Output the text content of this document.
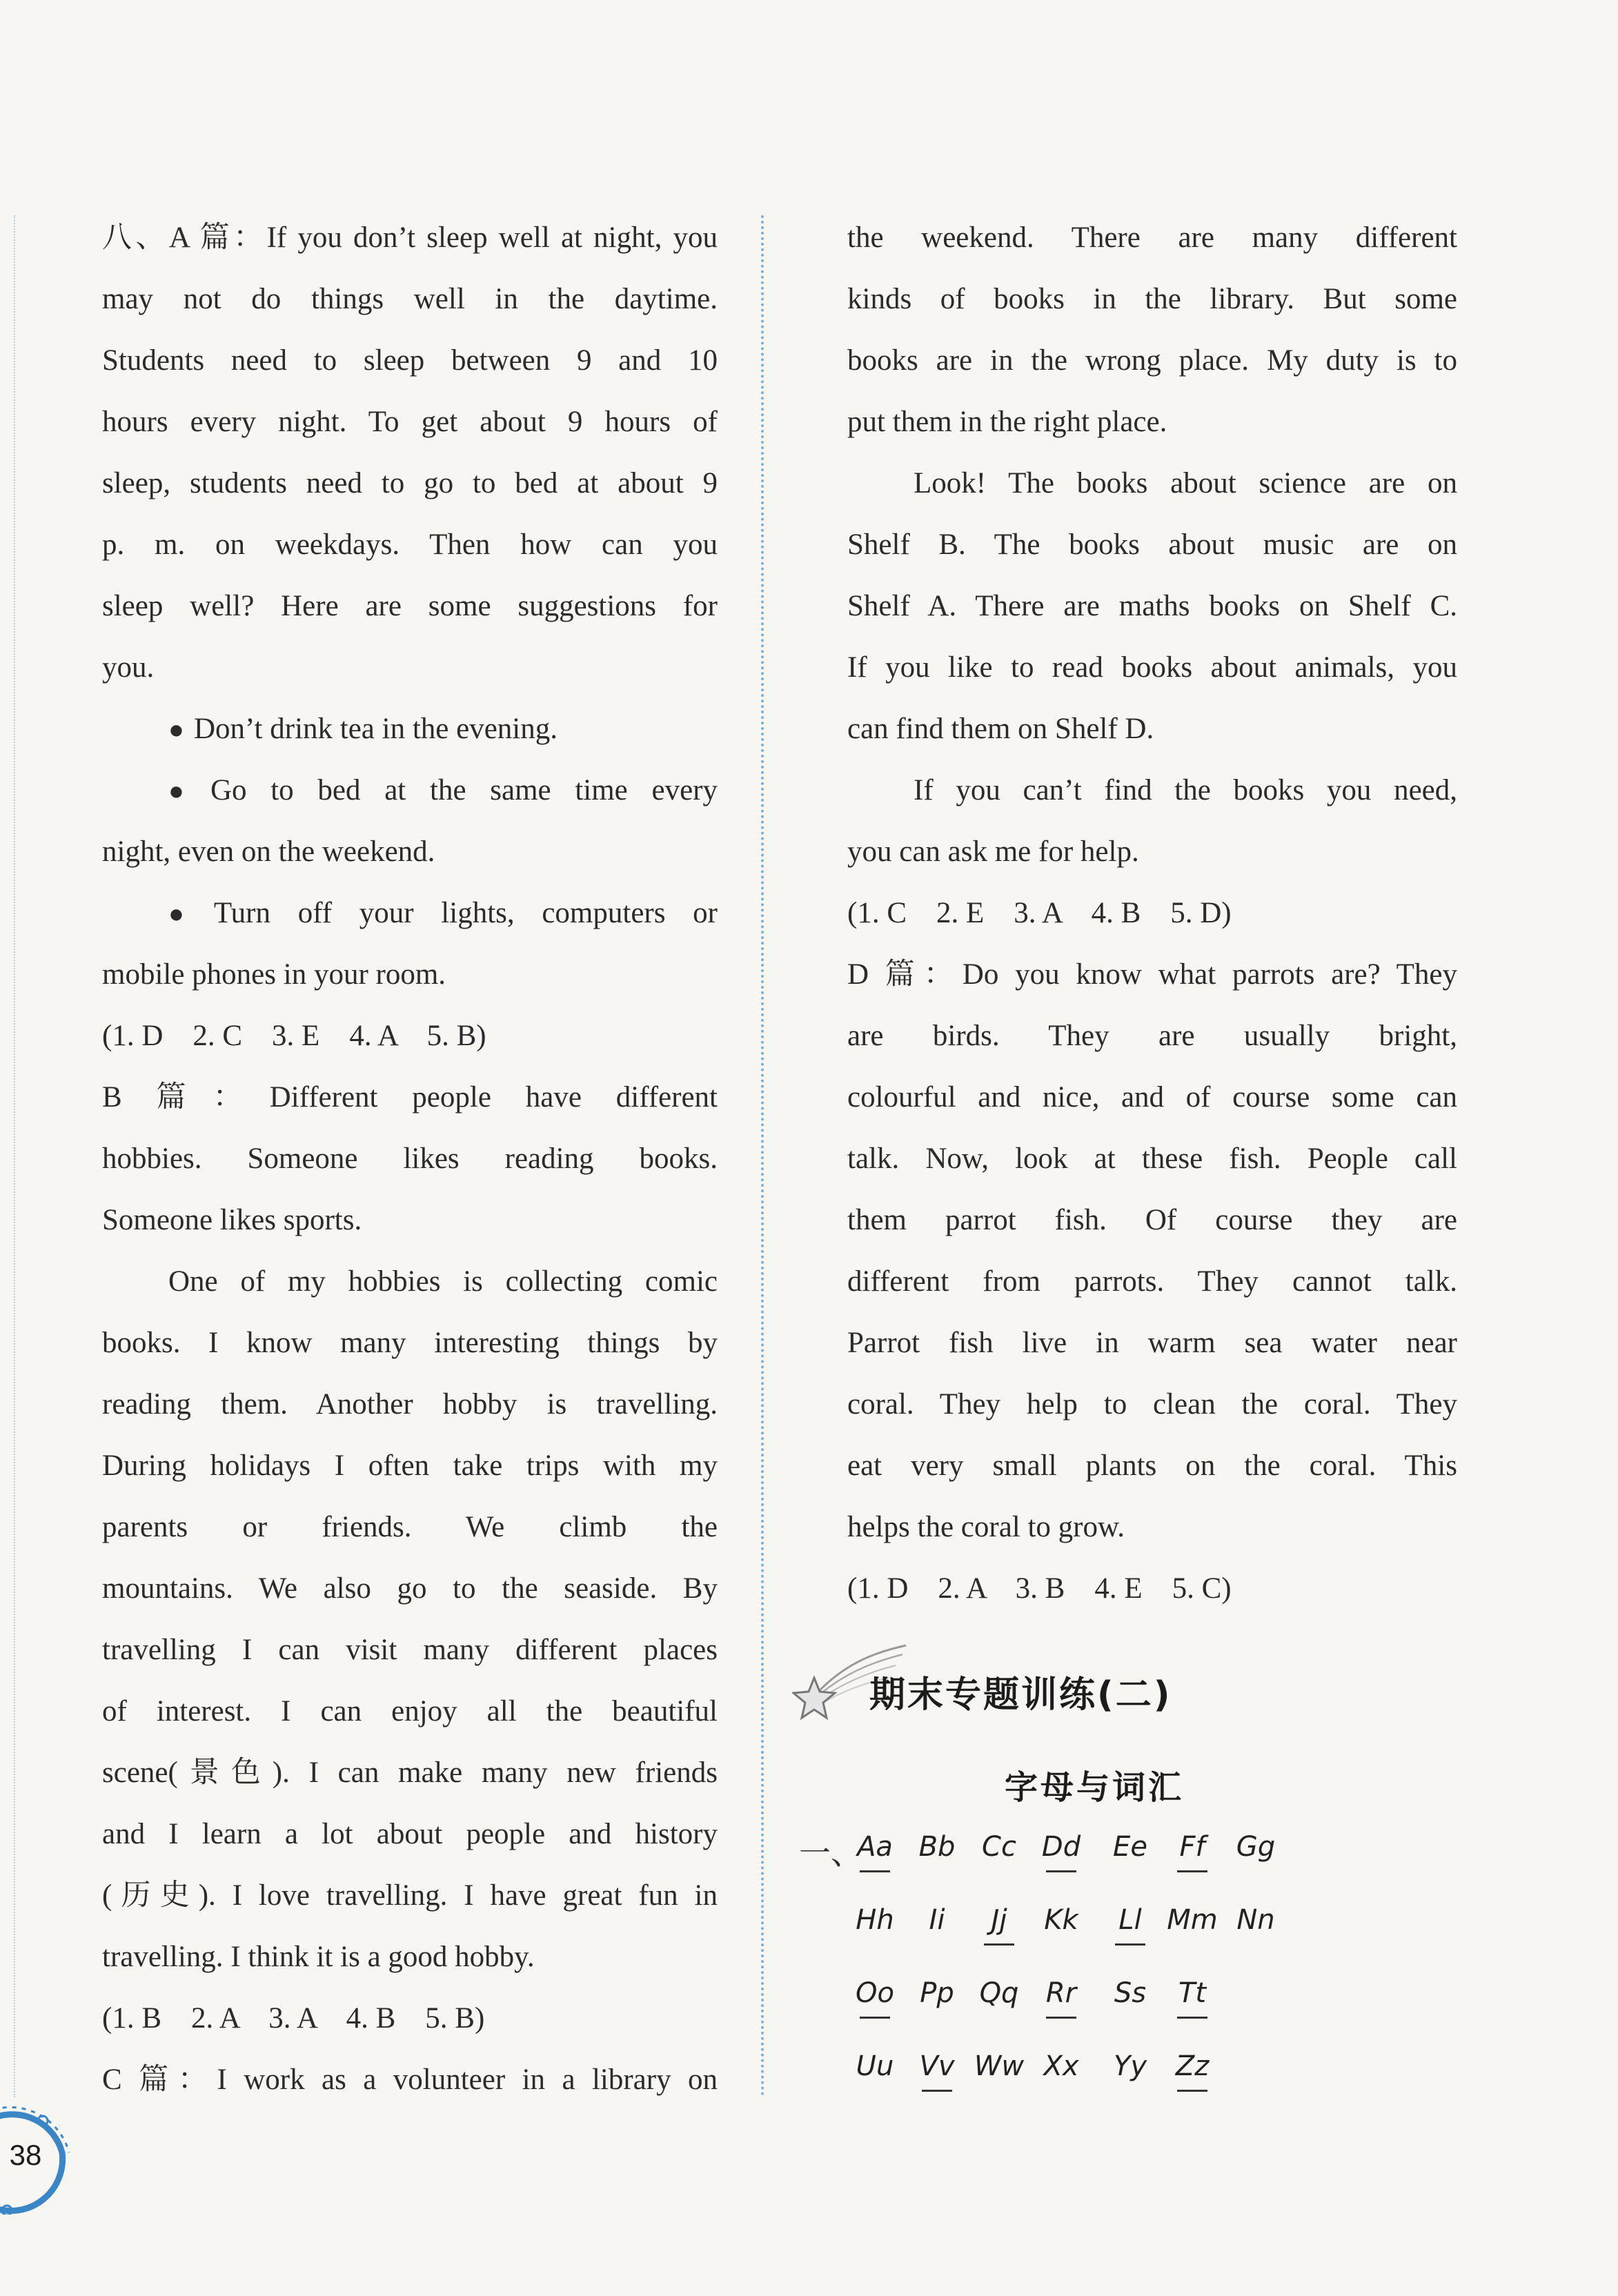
八、A 篇：If you don’t sleep well at night, you
may not do things well in the daytime.
Students need to sleep between 9 and 10
hours every night. To get about 9 hours of
sleep, students need to go to bed at about 9
p. m. on weekdays. Then how can you
sleep well? Here are some suggestions for
you.
● Don’t drink tea in the evening.
● Go to bed at the same time every
night, even on the weekend.
● Turn off your lights, computers or
mobile phones in your room.
(1. D　2. C　3. E　4. A　5. B)
B 篇：Different people have different
hobbies. Someone likes reading books.
Someone likes sports.
One of my hobbies is collecting comic
books. I know many interesting things by
reading them. Another hobby is travelling.
During holidays I often take trips with my
parents or friends. We climb the
mountains. We also go to the seaside. By
travelling I can visit many different places
of interest. I can enjoy all the beautiful
scene(景色). I can make many new friends
and I learn a lot about people and history
(历史). I love travelling. I have great fun in
travelling. I think it is a good hobby.
(1. B　2. A　3. A　4. B　5. B)
C 篇：I work as a volunteer in a library on
the weekend. There are many different
kinds of books in the library. But some
books are in the wrong place. My duty is to
put them in the right place.
Look! The books about science are on
Shelf B. The books about music are on
Shelf A. There are maths books on Shelf C.
If you like to read books about animals, you
can find them on Shelf D.
If you can’t find the books you need,
you can ask me for help.
(1. C　2. E　3. A　4. B　5. D)
D 篇：Do you know what parrots are? They
are birds. They are usually bright,
colourful and nice, and of course some can
talk. Now, look at these fish. People call
them parrot fish. Of course they are
different from parrots. They cannot talk.
Parrot fish live in warm sea water near
coral. They help to clean the coral. They
eat very small plants on the coral. This
helps the coral to grow.
(1. D　2. A　3. B　4. E　5. C)
期末专题训练(二)
字母与词汇
一、
Aa Bb Cc Dd	Ee	Ff	Gg
Hh	Ii	Jj	Kk	Ll Mm Nn
Oo Pp Qq Rr	Ss	Tt
Uu Vv Ww Xx	Yy	Zz
38
